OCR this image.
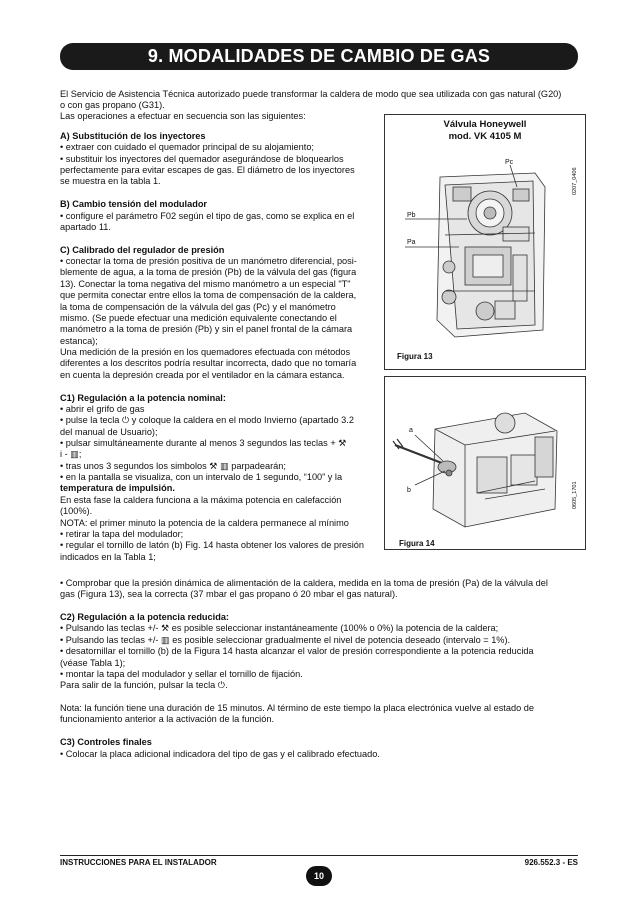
9. MODALIDADES DE CAMBIO DE GAS
El Servicio de Asistencia Técnica autorizado puede transformar la caldera de modo que sea utilizada con gas natural (G20)
o con gas propano (G31).
Las operaciones a efectuar en secuencia son las siguientes:
A) Substitución de los inyectores
• extraer con cuidado el quemador principal de su alojamiento;
• substituir los inyectores del quemador asegurándose de bloquearlos
perfectamente para evitar escapes de gas. El diámetro de los inyectores
se muestra en la tabla 1.
B) Cambio tensión del modulador
• configure el parámetro F02 según el tipo de gas, como se explica en el
apartado 11.
C) Calibrado del regulador de presión
• conectar la toma de presión positiva de un manómetro diferencial, posi-
blemente de agua, a la toma de presión (Pb) de la válvula del gas (figura
13). Conectar la toma negativa del mismo manómetro a un especial "T"
que permita conectar entre ellos la toma de compensación de la caldera,
la toma de compensación de la válvula del gas (Pc) y el manómetro
mismo. (Se puede efectuar una medición equivalente conectando el
manómetro a la toma de presión (Pb) y sin el panel frontal de la cámara
estanca);
Una medición de la presión en los quemadores efectuada con métodos
diferentes a los descritos podría resultar incorrecta, dado que no tomaría
en cuenta la depresión creada por el ventilador en la cámara estanca.
C1) Regulación a la potencia nominal:
• abrir el grifo de gas
• pulse la tecla ⏻ y coloque la caldera en el modo Invierno (apartado 3.2
del manual de Usuario);
• pulsar simultáneamente durante al menos 3 segundos las teclas + ⚒
i - ▥;
• tras unos 3 segundos los simbolos ⚒ ▥ parpadearán;
• en la pantalla se visualiza, con un intervalo de 1 segundo, “100” y la
temperatura de impulsión.
En esta fase la caldera funciona a la máxima potencia en calefacción
(100%).
NOTA: el primer minuto la potencia de la caldera permanece al mínimo
• retirar la tapa del modulador;
• regular el tornillo de latón (b) Fig. 14 hasta obtener los valores de presión
indicados en la Tabla 1;
• Comprobar que la presión dinámica de alimentación de la caldera, medida en la toma de presión (Pa) de la válvula del
gas (Figura 13), sea la correcta (37 mbar el gas propano ó 20 mbar el gas natural).
C2) Regulación a la potencia reducida:
• Pulsando las teclas +/- ⚒ es posible seleccionar instantáneamente (100% o 0%) la potencia de la caldera;
• Pulsando las teclas +/- ▥ es posible seleccionar gradualmente el nivel de potencia deseado (intervalo = 1%).
• desatornillar el tornillo (b) de la Figura 14 hasta alcanzar el valor de presión correspondiente a la potencia reducida
(véase Tabla 1);
• montar la tapa del modulador y sellar el tornillo de fijación.
Para salir de la función, pulsar la tecla ⏻.
Nota: la función tiene una duración de 15 minutos. Al término de este tiempo la placa electrónica vuelve al estado de
funcionamiento anterior a la activación de la función.
C3) Controles finales
• Colocar la placa adicional indicadora del tipo de gas y el calibrado efectuado.
Válvula Honeywell
mod. VK 4105 M
Pc
Pb
Pa
0207_0406
Figura 13
a
b	0605_1701
Figura 14
INSTRUCCIONES PARA EL INSTALADOR	926.552.3 - ES
10
